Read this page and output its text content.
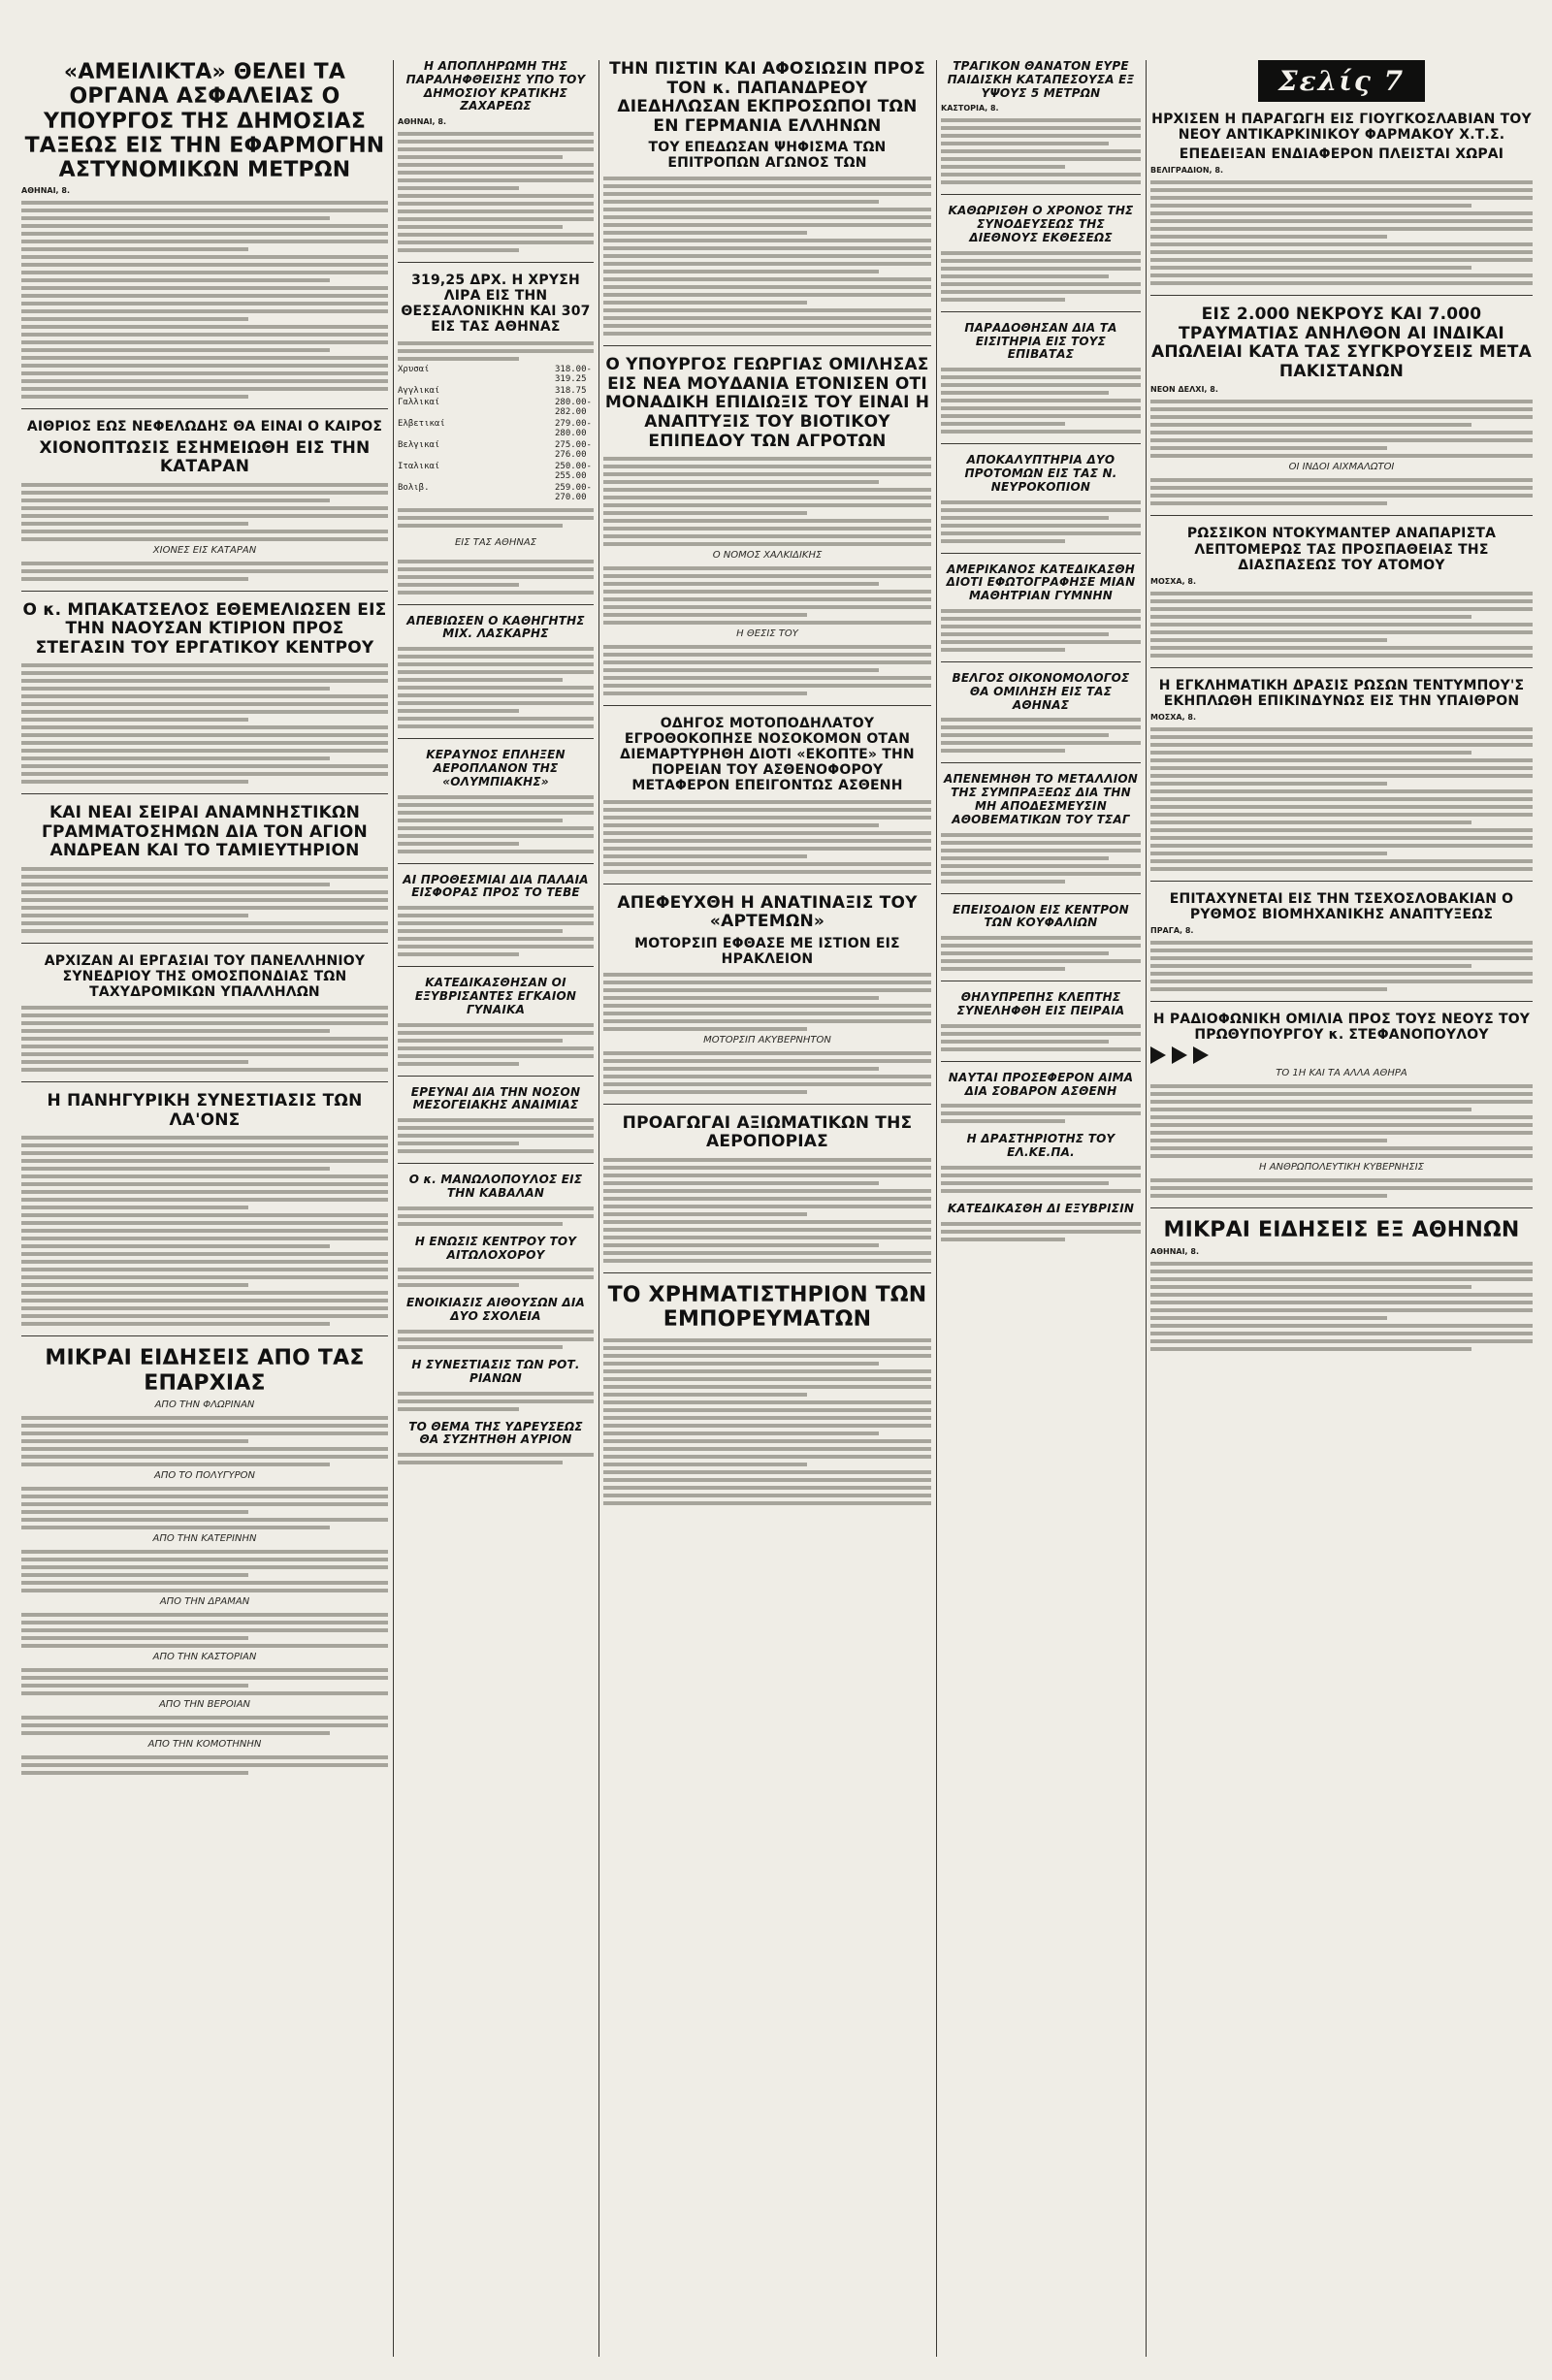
«ΑΜΕΙΛΙΚΤΑ» ΘΕΛΕΙ ΤΑ ΟΡΓΑΝΑ ΑΣΦΑΛΕΙΑΣ Ο ΥΠΟΥΡΓΟΣ ΤΗΣ ΔΗΜΟΣΙΑΣ ΤΑΞΕΩΣ ΕΙΣ ΤΗΝ ΕΦΑΡΜΟΓΗΝ ΑΣΤΥΝΟΜΙΚΩΝ ΜΕΤΡΩΝ
ΑΘΗΝΑΙ, 8.
ΑΙΘΡΙΟΣ ΕΩΣ ΝΕΦΕΛΩΔΗΣ ΘΑ ΕΙΝΑΙ Ο ΚΑΙΡΟΣ
ΧΙΟΝΟΠΤΩΣΙΣ ΕΣΗΜΕΙΩΘΗ ΕΙΣ ΤΗΝ ΚΑΤΑΡΑΝ
ΧΙΟΝΕΣ ΕΙΣ ΚΑΤΑΡΑΝ
Ο κ. ΜΠΑΚΑΤΣΕΛΟΣ ΕΘΕΜΕΛΙΩΣΕΝ ΕΙΣ ΤΗΝ ΝΑΟΥΣΑΝ ΚΤΙΡΙΟΝ ΠΡΟΣ ΣΤΕΓΑΣΙΝ ΤΟΥ ΕΡΓΑΤΙΚΟΥ ΚΕΝΤΡΟΥ
ΚΑΙ ΝΕΑΙ ΣΕΙΡΑΙ ΑΝΑΜΝΗΣΤΙΚΩΝ ΓΡΑΜΜΑΤΟΣΗΜΩΝ ΔΙΑ ΤΟΝ ΑΓΙΟΝ ΑΝΔΡΕΑΝ ΚΑΙ ΤΟ ΤΑΜΙΕΥΤΗΡΙΟΝ
ΑΡΧΙΖΑΝ ΑΙ ΕΡΓΑΣΙΑΙ ΤΟΥ ΠΑΝΕΛΛΗΝΙΟΥ ΣΥΝΕΔΡΙΟΥ ΤΗΣ ΟΜΟΣΠΟΝΔΙΑΣ ΤΩΝ ΤΑΧΥΔΡΟΜΙΚΩΝ ΥΠΑΛΛΗΛΩΝ
Η ΠΑΝΗΓΥΡΙΚΗ ΣΥΝΕΣΤΙΑΣΙΣ ΤΩΝ ΛΑ'ΟΝΣ
ΜΙΚΡΑΙ ΕΙΔΗΣΕΙΣ ΑΠΟ ΤΑΣ ΕΠΑΡΧΙΑΣ
ΑΠΟ ΤΗΝ ΦΛΩΡΙΝΑΝ
ΑΠΟ ΤΟ ΠΟΛΥΓΥΡΟΝ
ΑΠΟ ΤΗΝ ΚΑΤΕΡΙΝΗΝ
ΑΠΟ ΤΗΝ ΔΡΑΜΑΝ
ΑΠΟ ΤΗΝ ΚΑΣΤΟΡΙΑΝ
ΑΠΟ ΤΗΝ ΒΕΡΟΙΑΝ
ΑΠΟ ΤΗΝ ΚΟΜΟΤΗΝΗΝ
Η ΑΠΟΠΛΗΡΩΜΗ ΤΗΣ ΠΑΡΑΛΗΦΘΕΙΣΗΣ ΥΠΟ ΤΟΥ ΔΗΜΟΣΙΟΥ ΚΡΑΤΙΚΗΣ ΖΑΧΑΡΕΩΣ
ΑΘΗΝΑΙ, 8.
319,25 ΔΡΧ. Η ΧΡΥΣΗ ΛΙΡΑ ΕΙΣ ΤΗΝ ΘΕΣΣΑΛΟΝΙΚΗΝ ΚΑΙ 307 ΕΙΣ ΤΑΣ ΑΘΗΝΑΣ
Χρυσαί	318.00-319.25
Αγγλικαί	318.75
Γαλλικαί	280.00-282.00
Ελβετικαί	279.00-280.00
Βελγικαί	275.00-276.00
Ιταλικαί	250.00-255.00
Βολιβ.	259.00-270.00
ΕΙΣ ΤΑΣ ΑΘΗΝΑΣ
ΑΠΕΒΙΩΣΕΝ Ο ΚΑΘΗΓΗΤΗΣ ΜΙΧ. ΛΑΣΚΑΡΗΣ
ΚΕΡΑΥΝΟΣ ΕΠΛΗΞΕΝ ΑΕΡΟΠΛΑΝΟΝ ΤΗΣ «ΟΛΥΜΠΙΑΚΗΣ»
ΑΙ ΠΡΟΘΕΣΜΙΑΙ ΔΙΑ ΠΑΛΑΙΑ ΕΙΣΦΟΡΑΣ ΠΡΟΣ ΤΟ ΤΕΒΕ
ΚΑΤΕΔΙΚΑΣΘΗΣΑΝ ΟΙ ΕΞΥΒΡΙΣΑΝΤΕΣ ΕΓΚΑΙΟΝ ΓΥΝΑΙΚΑ
ΕΡΕΥΝΑΙ ΔΙΑ ΤΗΝ ΝΟΣΟΝ ΜΕΣΟΓΕΙΑΚΗΣ ΑΝΑΙΜΙΑΣ
Ο κ. ΜΑΝΩΛΟΠΟΥΛΟΣ ΕΙΣ ΤΗΝ ΚΑΒΑΛΑΝ
Η ΕΝΩΣΙΣ ΚΕΝΤΡΟΥ ΤΟΥ ΑΙΤΩΛΟΧΟΡΟΥ
ΕΝΟΙΚΙΑΣΙΣ ΑΙΘΟΥΣΩΝ ΔΙΑ ΔΥΟ ΣΧΟΛΕΙΑ
Η ΣΥΝΕΣΤΙΑΣΙΣ ΤΩΝ ΡΟΤ. ΡΙΑΝΩΝ
ΤΟ ΘΕΜΑ ΤΗΣ ΥΔΡΕΥΣΕΩΣ ΘΑ ΣΥΖΗΤΗΘΗ ΑΥΡΙΟΝ
ΤΗΝ ΠΙΣΤΙΝ ΚΑΙ ΑΦΟΣΙΩΣΙΝ ΠΡΟΣ ΤΟΝ κ. ΠΑΠΑΝΔΡΕΟΥ ΔΙΕΔΗΛΩΣΑΝ ΕΚΠΡΟΣΩΠΟΙ ΤΩΝ ΕΝ ΓΕΡΜΑΝΙΑ ΕΛΛΗΝΩΝ
ΤΟΥ ΕΠΕΔΩΣΑΝ ΨΗΦΙΣΜΑ ΤΩΝ ΕΠΙΤΡΟΠΩΝ ΑΓΩΝΟΣ ΤΩΝ
Ο ΥΠΟΥΡΓΟΣ ΓΕΩΡΓΙΑΣ ΟΜΙΛΗΣΑΣ ΕΙΣ ΝΕΑ ΜΟΥΔΑΝΙΑ ΕΤΟΝΙΣΕΝ ΟΤΙ ΜΟΝΑΔΙΚΗ ΕΠΙΔΙΩΞΙΣ ΤΟΥ ΕΙΝΑΙ Η ΑΝΑΠΤΥΞΙΣ ΤΟΥ ΒΙΟΤΙΚΟΥ ΕΠΙΠΕΔΟΥ ΤΩΝ ΑΓΡΟΤΩΝ
Ο ΝΟΜΟΣ ΧΑΛΚΙΔΙΚΗΣ
Η ΘΕΣΙΣ ΤΟΥ
ΟΔΗΓΟΣ ΜΟΤΟΠΟΔΗΛΑΤΟΥ ΕΓΡΟΘΟΚΟΠΗΣΕ ΝΟΣΟΚΟΜΟΝ ΟΤΑΝ ΔΙΕΜΑΡΤΥΡΗΘΗ ΔΙΟΤΙ «ΕΚΟΠΤΕ» ΤΗΝ ΠΟΡΕΙΑΝ ΤΟΥ ΑΣΘΕΝΟΦΟΡΟΥ ΜΕΤΑΦΕΡΟΝ ΕΠΕΙΓΟΝΤΩΣ ΑΣΘΕΝΗ
ΑΠΕΦΕΥΧΘΗ Η ΑΝΑΤΙΝΑΞΙΣ ΤΟΥ «ΑΡΤΕΜΩΝ»
ΜΟΤΟΡΣΙΠ ΕΦΘΑΣΕ ΜΕ ΙΣΤΙΟΝ ΕΙΣ ΗΡΑΚΛΕΙΟΝ
ΜΟΤΟΡΣΙΠ ΑΚΥΒΕΡΝΗΤΟΝ
ΠΡΟΑΓΩΓΑΙ ΑΞΙΩΜΑΤΙΚΩΝ ΤΗΣ ΑΕΡΟΠΟΡΙΑΣ
ΤΟ ΧΡΗΜΑΤΙΣΤΗΡΙΟΝ ΤΩΝ ΕΜΠΟΡΕΥΜΑΤΩΝ
ΤΡΑΓΙΚΟΝ ΘΑΝΑΤΟΝ ΕΥΡΕ ΠΑΙΔΙΣΚΗ ΚΑΤΑΠΕΣΟΥΣΑ ΕΞ ΥΨΟΥΣ 5 ΜΕΤΡΩΝ
ΚΑΣΤΟΡΙΑ, 8.
ΚΑΘΩΡΙΣΘΗ Ο ΧΡΟΝΟΣ ΤΗΣ ΣΥΝΟΔΕΥΣΕΩΣ ΤΗΣ ΔΙΕΘΝΟΥΣ ΕΚΘΕΣΕΩΣ
ΠΑΡΑΔΟΘΗΣΑΝ ΔΙΑ ΤΑ ΕΙΣΙΤΗΡΙΑ ΕΙΣ ΤΟΥΣ ΕΠΙΒΑΤΑΣ
ΑΠΟΚΑΛΥΠΤΗΡΙΑ ΔΥΟ ΠΡΟΤΟΜΩΝ ΕΙΣ ΤΑΣ Ν. ΝΕΥΡΟΚΟΠΙΟΝ
ΑΜΕΡΙΚΑΝΟΣ ΚΑΤΕΔΙΚΑΣΘΗ ΔΙΟΤΙ ΕΦΩΤΟΓΡΑΦΗΣΕ ΜΙΑΝ ΜΑΘΗΤΡΙΑΝ ΓΥΜΝΗΝ
ΒΕΛΓΟΣ ΟΙΚΟΝΟΜΟΛΟΓΟΣ ΘΑ ΟΜΙΛΗΣΗ ΕΙΣ ΤΑΣ ΑΘΗΝΑΣ
ΑΠΕΝΕΜΗΘΗ ΤΟ ΜΕΤΑΛΛΙΟΝ ΤΗΣ ΣΥΜΠΡΑΞΕΩΣ ΔΙΑ ΤΗΝ ΜΗ ΑΠΟΔΕΣΜΕΥΣΙΝ ΑΘΟΒΕΜΑΤΙΚΩΝ ΤΟΥ ΤΣΑΓ
ΕΠΕΙΣΟΔΙΟΝ ΕΙΣ ΚΕΝΤΡΟΝ ΤΩΝ ΚΟΥΦΑΛΙΩΝ
ΘΗΛΥΠΡΕΠΗΣ ΚΛΕΠΤΗΣ ΣΥΝΕΛΗΦΘΗ ΕΙΣ ΠΕΙΡΑΙΑ
ΝΑΥΤΑΙ ΠΡΟΣΕΦΕΡΟΝ ΑΙΜΑ ΔΙΑ ΣΟΒΑΡΟΝ ΑΣΘΕΝΗ
Η ΔΡΑΣΤΗΡΙΟΤΗΣ ΤΟΥ ΕΛ.ΚΕ.ΠΑ.
ΚΑΤΕΔΙΚΑΣΘΗ ΔΙ ΕΞΥΒΡΙΣΙΝ
Σελίς 7
ΗΡΧΙΣΕΝ Η ΠΑΡΑΓΩΓΗ ΕΙΣ ΓΙΟΥΓΚΟΣΛΑΒΙΑΝ ΤΟΥ ΝΕΟΥ ΑΝΤΙΚΑΡΚΙΝΙΚΟΥ ΦΑΡΜΑΚΟΥ Χ.Τ.Σ.
ΕΠΕΔΕΙΞΑΝ ΕΝΔΙΑΦΕΡΟΝ ΠΛΕΙΣΤΑΙ ΧΩΡΑΙ
ΒΕΛΙΓΡΑΔΙΟΝ, 8.
ΕΙΣ 2.000 ΝΕΚΡΟΥΣ ΚΑΙ 7.000 ΤΡΑΥΜΑΤΙΑΣ ΑΝΗΛΘΟΝ ΑΙ ΙΝΔΙΚΑΙ ΑΠΩΛΕΙΑΙ ΚΑΤΑ ΤΑΣ ΣΥΓΚΡΟΥΣΕΙΣ ΜΕΤΑ ΠΑΚΙΣΤΑΝΩΝ
ΝΕΟΝ ΔΕΛΧΙ, 8.
ΟΙ ΙΝΔΟΙ ΑΙΧΜΑΛΩΤΟΙ
ΡΩΣΣΙΚΟΝ ΝΤΟΚΥΜΑΝΤΕΡ ΑΝΑΠΑΡΙΣΤΑ ΛΕΠΤΟΜΕΡΩΣ ΤΑΣ ΠΡΟΣΠΑΘΕΙΑΣ ΤΗΣ ΔΙΑΣΠΑΣΕΩΣ ΤΟΥ ΑΤΟΜΟΥ
ΜΟΣΧΑ, 8.
Η ΕΓΚΛΗΜΑΤΙΚΗ ΔΡΑΣΙΣ ΡΩΣΩΝ ΤΕΝΤΥΜΠΟΥ'Σ ΕΚΗΠΛΩΘΗ ΕΠΙΚΙΝΔΥΝΩΣ ΕΙΣ ΤΗΝ ΥΠΑΙΘΡΟΝ
ΜΟΣΧΑ, 8.
ΕΠΙΤΑΧΥΝΕΤΑΙ ΕΙΣ ΤΗΝ ΤΣΕΧΟΣΛΟΒΑΚΙΑΝ Ο ΡΥΘΜΟΣ ΒΙΟΜΗΧΑΝΙΚΗΣ ΑΝΑΠΤΥΞΕΩΣ
ΠΡΑΓΑ, 8.
Η ΡΑΔΙΟΦΩΝΙΚΗ ΟΜΙΛΙΑ ΠΡΟΣ ΤΟΥΣ ΝΕΟΥΣ ΤΟΥ ΠΡΩΘΥΠΟΥΡΓΟΥ κ. ΣΤΕΦΑΝΟΠΟΥΛΟΥ
ΤΟ 1Η ΚΑΙ ΤΑ ΑΛΛΑ ΑΘΗΡΑ
Η ΑΝΘΡΩΠΟΛΕΥΤΙΚΗ ΚΥΒΕΡΝΗΣΙΣ
ΜΙΚΡΑΙ ΕΙΔΗΣΕΙΣ ΕΞ ΑΘΗΝΩΝ
ΑΘΗΝΑΙ, 8.
